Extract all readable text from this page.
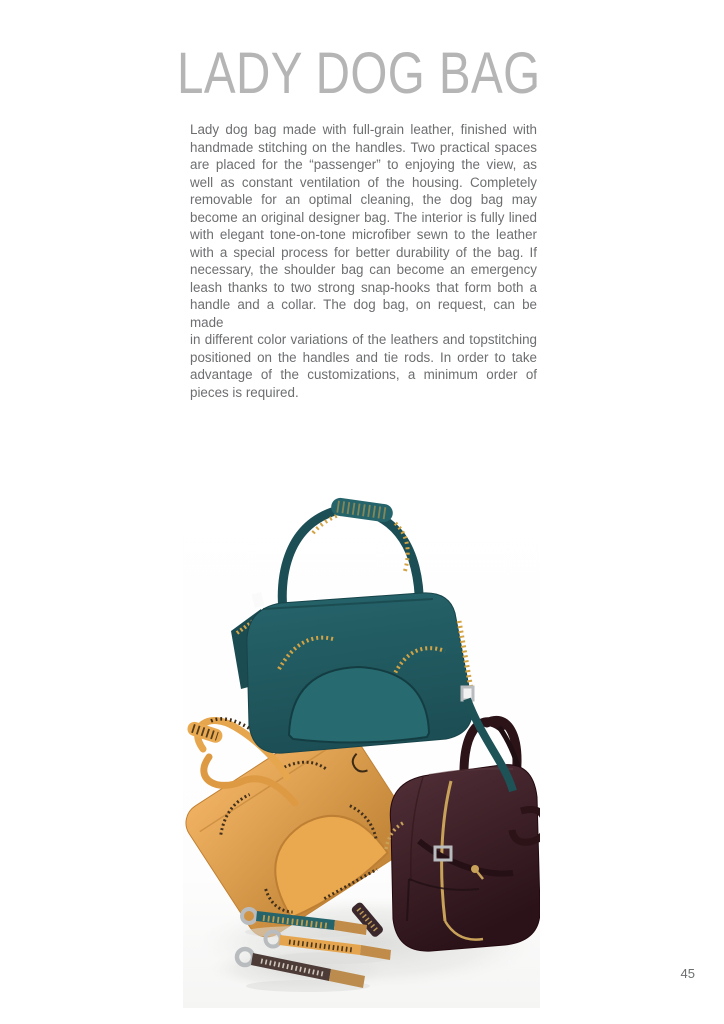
LADY DOG BAG
Lady dog bag made with full-grain leather, finished with
handmade stitching on the handles. Two practical spaces
are placed for the “passenger” to enjoying the view, as
well as constant ventilation of the housing. Completely
removable for an optimal cleaning, the dog bag may
become an original designer bag. The interior is fully lined
with elegant tone-on-tone microfiber sewn to the leather
with a special process for better durability of the bag. If
necessary, the shoulder bag can become an emergency
leash thanks to two strong snap-hooks that form both a
handle and a collar. The dog bag, on request, can be made
in different color variations of the leathers and topstitching
positioned on the handles and tie rods. In order to take
advantage of the customizations, a minimum order of
pieces is required.
45
